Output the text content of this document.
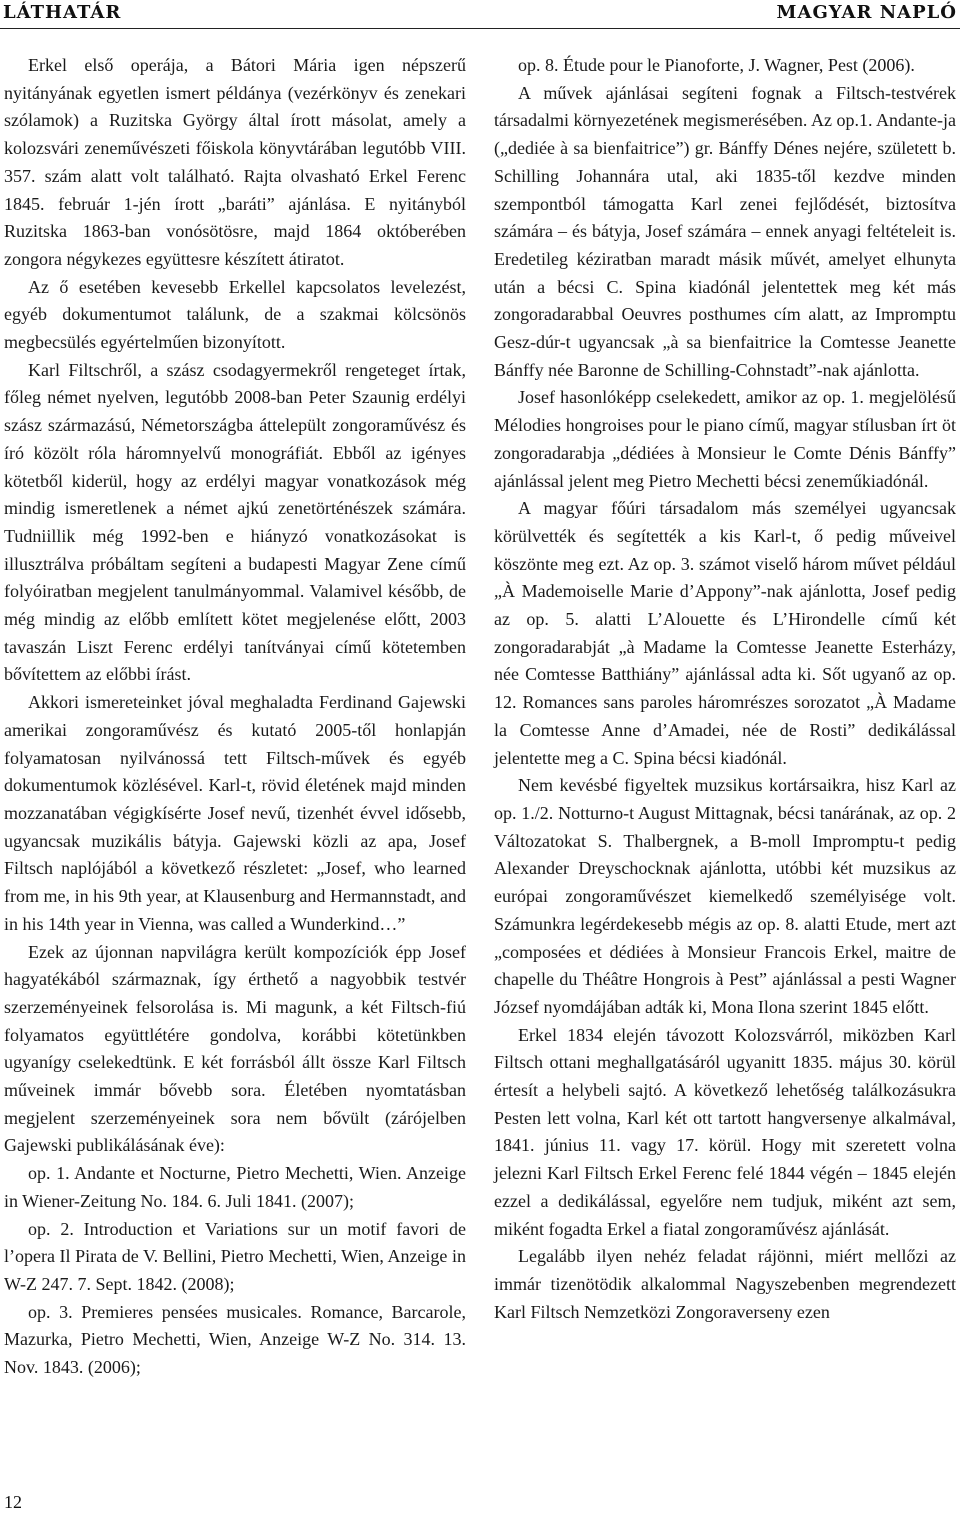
LÁTHATÁR	MAGYAR NAPLÓ

Erkel első operája, a Bátori Mária igen népszerű nyitányának egyetlen ismert példánya (vezérkönyv és zenekari szólamok) a Ruzitska György által írott másolat, amely a kolozsvári zeneművészeti főiskola könyvtárában legutóbb VIII. 357. szám alatt volt található. Rajta olvasható Erkel Ferenc 1845. február 1-jén írott „baráti” ajánlása. E nyitányból Ruzitska 1863-ban vonósötösre, majd 1864 októberében zongora négykezes együttesre készített átiratot.

Az ő esetében kevesebb Erkellel kapcsolatos levelezést, egyéb dokumentumot találunk, de a szakmai kölcsönös megbecsülés egyértelműen bizonyított.

Karl Filtschről, a szász csodagyermekről rengeteget írtak, főleg német nyelven, legutóbb 2008-ban Peter Szaunig erdélyi szász származású, Németországba áttelepült zongoraművész és író közölt róla háromnyelvű monográfiát. Ebből az igényes kötetből kiderül, hogy az erdélyi magyar vonatkozások még mindig ismeretlenek a német ajkú zenetörténészek számára. Tudniillik még 1992-ben e hiányzó vonatkozásokat is illusztrálva próbáltam segíteni a budapesti Magyar Zene című folyóiratban megjelent tanulmányommal. Valamivel később, de még mindig az előbb említett kötet megjelenése előtt, 2003 tavaszán Liszt Ferenc erdélyi tanítványai című kötetemben bővítettem az előbbi írást.

Akkori ismereteinket jóval meghaladta Ferdinand Gajewski amerikai zongoraművész és kutató 2005-től honlapján folyamatosan nyilvánossá tett Filtsch-művek és egyéb dokumentumok közlésével. Karl-t, rövid életének majd minden mozzanatában végigkísérte Josef nevű, tizenhét évvel idősebb, ugyancsak muzikális bátyja. Gajewski közli az apa, Josef Filtsch naplójából a következő részletet: „Josef, who learned from me, in his 9th year, at Klausenburg and Hermannstadt, and in his 14th year in Vienna, was called a Wunderkind…”

Ezek az újonnan napvilágra került kompozíciók épp Josef hagyatékából származnak, így érthető a nagyobbik testvér szerzeményeinek felsorolása is. Mi magunk, a két Filtsch-fiú folyamatos együttlétére gondolva, korábbi kötetünkben ugyanígy cselekedtünk. E két forrásból állt össze Karl Filtsch műveinek immár bővebb sora. Életében nyomtatásban megjelent szerzeményeinek sora nem bővült (zárójelben Gajewski publikálásának éve):

op. 1. Andante et Nocturne, Pietro Mechetti, Wien. Anzeige in Wiener-Zeitung No. 184. 6. Juli 1841. (2007);

op. 2. Introduction et Variations sur un motif favori de l’opera Il Pirata de V. Bellini, Pietro Mechetti, Wien, Anzeige in W-Z 247. 7. Sept. 1842. (2008);

op. 3. Premieres pensées musicales. Romance, Barcarole, Mazurka, Pietro Mechetti, Wien, Anzeige W-Z No. 314. 13. Nov. 1843. (2006);

op. 8. Étude pour le Pianoforte, J. Wagner, Pest (2006).

A művek ajánlásai segíteni fognak a Filtsch-testvérek társadalmi környezetének megismerésében. Az op.1. Andante-ja („dediée à sa bienfaitrice”) gr. Bánffy Dénes nejére, született b. Schilling Johannára utal, aki 1835-től kezdve minden szempontból támogatta Karl zenei fejlődését, biztosítva számára – és bátyja, Josef számára – ennek anyagi feltételeit is. Eredetileg kéziratban maradt másik művét, amelyet elhunyta után a bécsi C. Spina kiadónál jelentettek meg két más zongoradarabbal Oeuvres posthumes cím alatt, az Impromptu Gesz-dúr-t ugyancsak „à sa bienfaitrice la Comtesse Jeanette Bánffy née Baronne de Schilling-Cohnstadt”-nak ajánlotta.

Josef hasonlóképp cselekedett, amikor az op. 1. megjelölésű Mélodies hongroises pour le piano című, magyar stílusban írt öt zongoradarabja „dédiées à Monsieur le Comte Dénis Bánffy” ajánlással jelent meg Pietro Mechetti bécsi zeneműkiadónál.

A magyar főúri társadalom más személyei ugyancsak körülvették és segítették a kis Karl-t, ő pedig műveivel köszönte meg ezt. Az op. 3. számot viselő három művet például „À Mademoiselle Marie d’Appony”-nak ajánlotta, Josef pedig az op. 5. alatti L’Alouette és L’Hirondelle című két zongoradarabját „à Madame la Comtesse Jeanette Esterházy, née Comtesse Batthiány” ajánlással adta ki. Sőt ugyanő az op. 12. Romances sans paroles háromrészes sorozatot „À Madame la Comtesse Anne d’Amadei, née de Rosti” dedikálással jelentette meg a C. Spina bécsi kiadónál.

Nem kevésbé figyeltek muzsikus kortársaikra, hisz Karl az op. 1./2. Notturno-t August Mittagnak, bécsi tanárának, az op. 2 Változatokat S. Thalbergnek, a B-moll Impromptu-t pedig Alexander Dreyschocknak ajánlotta, utóbbi két muzsikus az európai zongoraművészet kiemelkedő személyisége volt. Számunkra legérdekesebb mégis az op. 8. alatti Etude, mert azt „composées et dédiées à Monsieur Francois Erkel, maitre de chapelle du Théâtre Hongrois à Pest” ajánlással a pesti Wagner József nyomdájában adták ki, Mona Ilona szerint 1845 előtt.

Erkel 1834 elején távozott Kolozsvárról, miközben Karl Filtsch ottani meghallgatásáról ugyanitt 1835. május 30. körül értesít a helybeli sajtó. A következő lehetőség találkozásukra Pesten lett volna, Karl két ott tartott hangversenye alkalmával, 1841. június 11. vagy 17. körül. Hogy mit szeretett volna jelezni Karl Filtsch Erkel Ferenc felé 1844 végén – 1845 elején ezzel a dedikálással, egyelőre nem tudjuk, miként azt sem, miként fogadta Erkel a fiatal zongoraművész ajánlását.

Legalább ilyen nehéz feladat rájönni, miért mellőzi az immár tizenötödik alkalommal Nagyszebenben megrendezett Karl Filtsch Nemzetközi Zongoraverseny ezen

12
